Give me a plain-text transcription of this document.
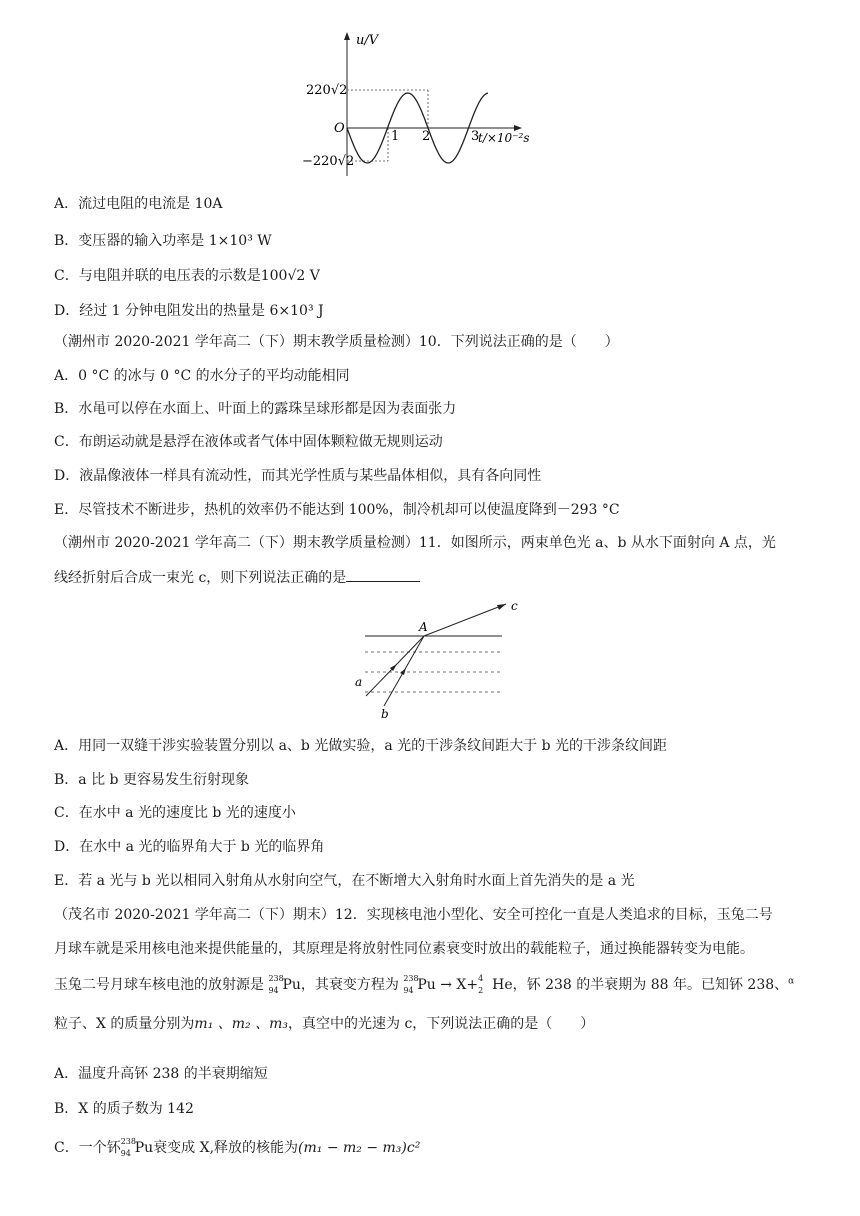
u/V
220√2
−220√2
O
1 2	3
t/×10⁻²s
A．流过电阻的电流是 10A
B．变压器的输入功率是 1×10³ W
C．与电阻并联的电压表的示数是100√2 V
D．经过 1 分钟电阻发出的热量是 6×10³ J
（潮州市 2020-2021 学年高二（下）期末教学质量检测）10．下列说法正确的是（　　）
A．0 °C 的冰与 0 °C 的水分子的平均动能相同
B．水黾可以停在水面上、叶面上的露珠呈球形都是因为表面张力
C．布朗运动就是悬浮在液体或者气体中固体颗粒做无规则运动
D．液晶像液体一样具有流动性，而其光学性质与某些晶体相似，具有各向同性
E．尽管技术不断进步，热机的效率仍不能达到 100%，制冷机却可以使温度降到－293 °C
（潮州市 2020-2021 学年高二（下）期末教学质量检测）11．如图所示，两束单色光 a、b 从水下面射向 A 点，光
线经折射后合成一束光 c，则下列说法正确的是
A
c
a
b
A．用同一双缝干涉实验装置分别以 a、b 光做实验，a 光的干涉条纹间距大于 b 光的干涉条纹间距
B．a 比 b 更容易发生衍射现象
C．在水中 a 光的速度比 b 光的速度小
D．在水中 a 光的临界角大于 b 光的临界角
E．若 a 光与 b 光以相同入射角从水射向空气，在不断增大入射角时水面上首先消失的是 a 光
（茂名市 2020-2021 学年高二（下）期末）12．实现核电池小型化、安全可控化一直是人类追求的目标，玉兔二号
月球车就是采用核电池来提供能量的，其原理是将放射性同位素衰变时放出的载能粒子，通过换能器转变为电能。
玉兔二号月球车核电池的放射源是 238
94 Pu，其衰变方程为 238
94 Pu → X+ 4
2 He，钚 238 的半衰期为 88 年。已知钚 238、$^\alpha$
粒子、X 的质量分别为m₁ 、m₂ 、m₃，真空中的光速为 c，下列说法正确的是（　　）
A．温度升高钚 238 的半衰期缩短
B．X 的质子数为 142
C．一个钚 238
94 Pu衰变成 X,释放的核能为(m₁ − m₂ − m₃)c²
